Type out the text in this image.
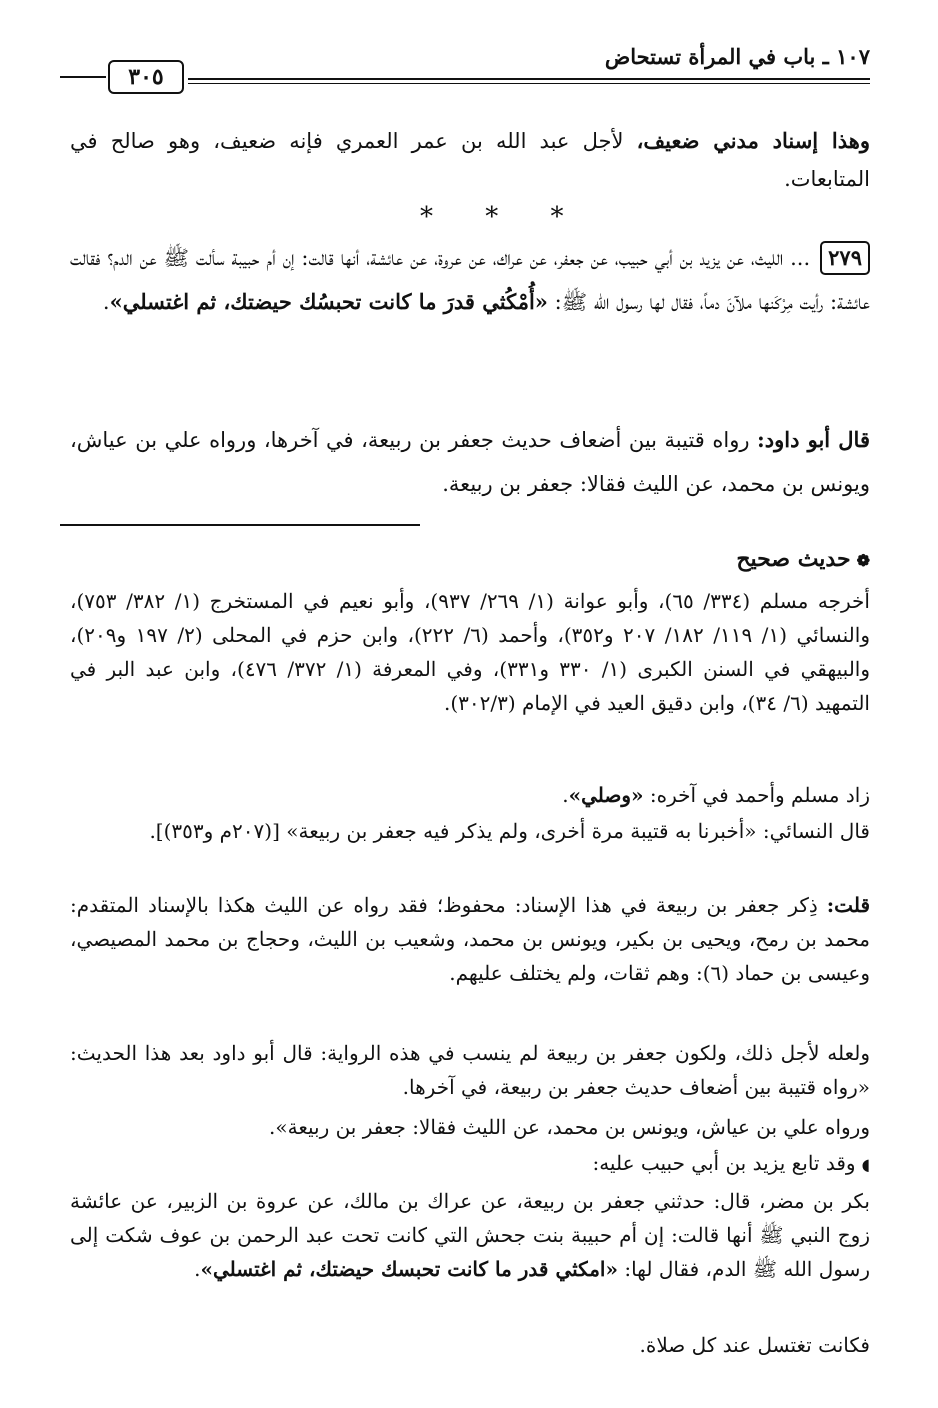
١٠٧ ـ باب في المرأة تستحاض
٣٠٥
وهذا إسناد مدني ضعيف، لأجل عبد الله بن عمر العمري فإنه ضعيف، وهو صالح في المتابعات.
* * *
٢٧٩... الليث، عن يزيد بن أبي حبيب، عن جعفر، عن عراك، عن عروة، عن عائشة، أنها قالت: إن أم حبيبة سألت ﷺ عن الدم؟ فقالت عائشة: رأيت مِرْكَنها ملآنَ دماً، فقال لها رسول الله ﷺ: «أُمْكُثي قدرَ ما كانت تحبسُك حيضتك، ثم اغتسلي».
قال أبو داود: رواه قتيبة بين أضعاف حديث جعفر بن ربيعة، في آخرها، ورواه علي بن عياش، ويونس بن محمد، عن الليث فقالا: جعفر بن ربيعة.
❁حديث صحيح
أخرجه مسلم (٣٣٤/ ٦٥)، وأبو عوانة (١/ ٢٦٩/ ٩٣٧)، وأبو نعيم في المستخرج (١/ ٣٨٢/ ٧٥٣)، والنسائي (١/ ١١٩/ ١٨٢/ ٢٠٧ و٣٥٢)، وأحمد (٦/ ٢٢٢)، وابن حزم في المحلى (٢/ ١٩٧ و٢٠٩)، والبيهقي في السنن الكبرى (١/ ٣٣٠ و٣٣١)، وفي المعرفة (١/ ٣٧٢/ ٤٧٦)، وابن عبد البر في التمهيد (٦/ ٣٤)، وابن دقيق العيد في الإمام (٣٠٢/٣).
زاد مسلم وأحمد في آخره: «وصلي».
قال النسائي: «أخبرنا به قتيبة مرة أخرى، ولم يذكر فيه جعفر بن ربيعة» [(٢٠٧م و٣٥٣)].
قلت: ذِكر جعفر بن ربيعة في هذا الإسناد: محفوظ؛ فقد رواه عن الليث هكذا بالإسناد المتقدم: محمد بن رمح، ويحيى بن بكير، ويونس بن محمد، وشعيب بن الليث، وحجاج بن محمد المصيصي، وعيسى بن حماد (٦): وهم ثقات، ولم يختلف عليهم.
ولعله لأجل ذلك، ولكون جعفر بن ربيعة لم ينسب في هذه الرواية: قال أبو داود بعد هذا الحديث: «رواه قتيبة بين أضعاف حديث جعفر بن ربيعة، في آخرها.
ورواه علي بن عياش، ويونس بن محمد، عن الليث فقالا: جعفر بن ربيعة».
◖وقد تابع يزيد بن أبي حبيب عليه:
بكر بن مضر، قال: حدثني جعفر بن ربيعة، عن عراك بن مالك، عن عروة بن الزبير، عن عائشة زوج النبي ﷺ أنها قالت: إن أم حبيبة بنت جحش التي كانت تحت عبد الرحمن بن عوف شكت إلى رسول الله ﷺ الدم، فقال لها: «امكثي قدر ما كانت تحبسك حيضتك، ثم اغتسلي».
فكانت تغتسل عند كل صلاة.
